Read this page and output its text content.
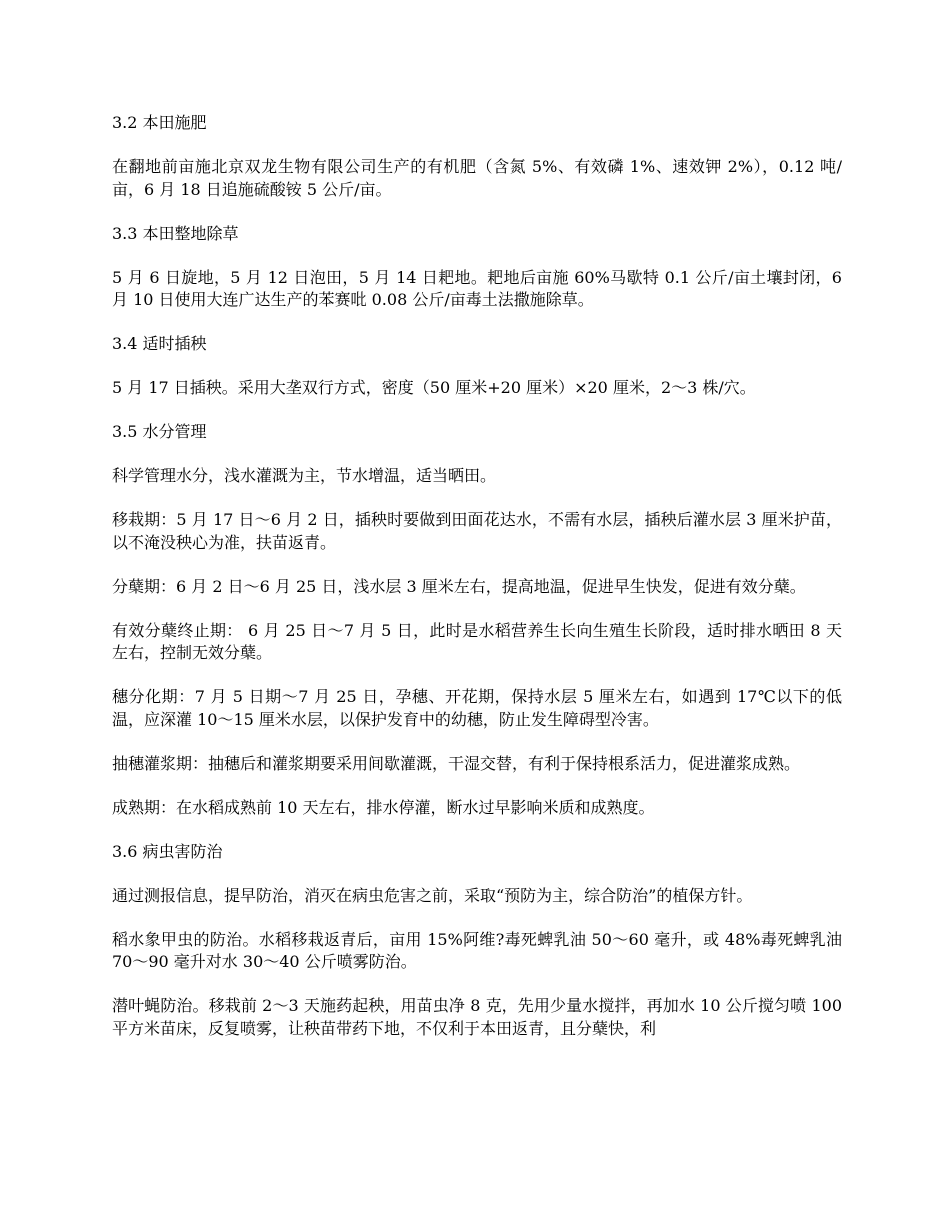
3.2 本田施肥

在翻地前亩施北京双龙生物有限公司生产的有机肥（含氮 5%、有效磷 1%、速效钾 2%），0.12 吨/亩，6 月 18 日追施硫酸铵 5 公斤/亩。

3.3 本田整地除草

5 月 6 日旋地，5 月 12 日泡田，5 月 14 日耙地。耙地后亩施 60%马歇特 0.1 公斤/亩土壤封闭，6 月 10 日使用大连广达生产的苯赛吡 0.08 公斤/亩毒土法撒施除草。

3.4 适时插秧

5 月 17 日插秧。采用大垄双行方式，密度（50 厘米+20 厘米）×20 厘米，2～3 株/穴。

3.5 水分管理

科学管理水分，浅水灌溉为主，节水增温，适当晒田。

移栽期：5 月 17 日～6 月 2 日，插秧时要做到田面花达水，不需有水层，插秧后灌水层 3 厘米护苗，以不淹没秧心为准，扶苗返青。

分蘖期：6 月 2 日～6 月 25 日，浅水层 3 厘米左右，提高地温，促进早生快发，促进有效分蘖。

有效分蘖终止期： 6 月 25 日～7 月 5 日，此时是水稻营养生长向生殖生长阶段，适时排水晒田 8 天左右，控制无效分蘖。

穗分化期：7 月 5 日期～7 月 25 日，孕穗、开花期，保持水层 5 厘米左右，如遇到 17℃以下的低温，应深灌 10～15 厘米水层，以保护发育中的幼穗，防止发生障碍型冷害。

抽穗灌浆期：抽穗后和灌浆期要采用间歇灌溉，干湿交替，有利于保持根系活力，促进灌浆成熟。

成熟期：在水稻成熟前 10 天左右，排水停灌，断水过早影响米质和成熟度。

3.6 病虫害防治

通过测报信息，提早防治，消灭在病虫危害之前，采取“预防为主，综合防治”的植保方针。

稻水象甲虫的防治。水稻移栽返青后，亩用 15%阿维?毒死蜱乳油 50～60 毫升，或 48%毒死蜱乳油 70～90 毫升对水 30～40 公斤喷雾防治。

潜叶蝇防治。移栽前 2～3 天施药起秧，用苗虫净 8 克，先用少量水搅拌，再加水 10 公斤搅匀喷 100 平方米苗床，反复喷雾，让秧苗带药下地，不仅利于本田返青，且分蘖快，利
